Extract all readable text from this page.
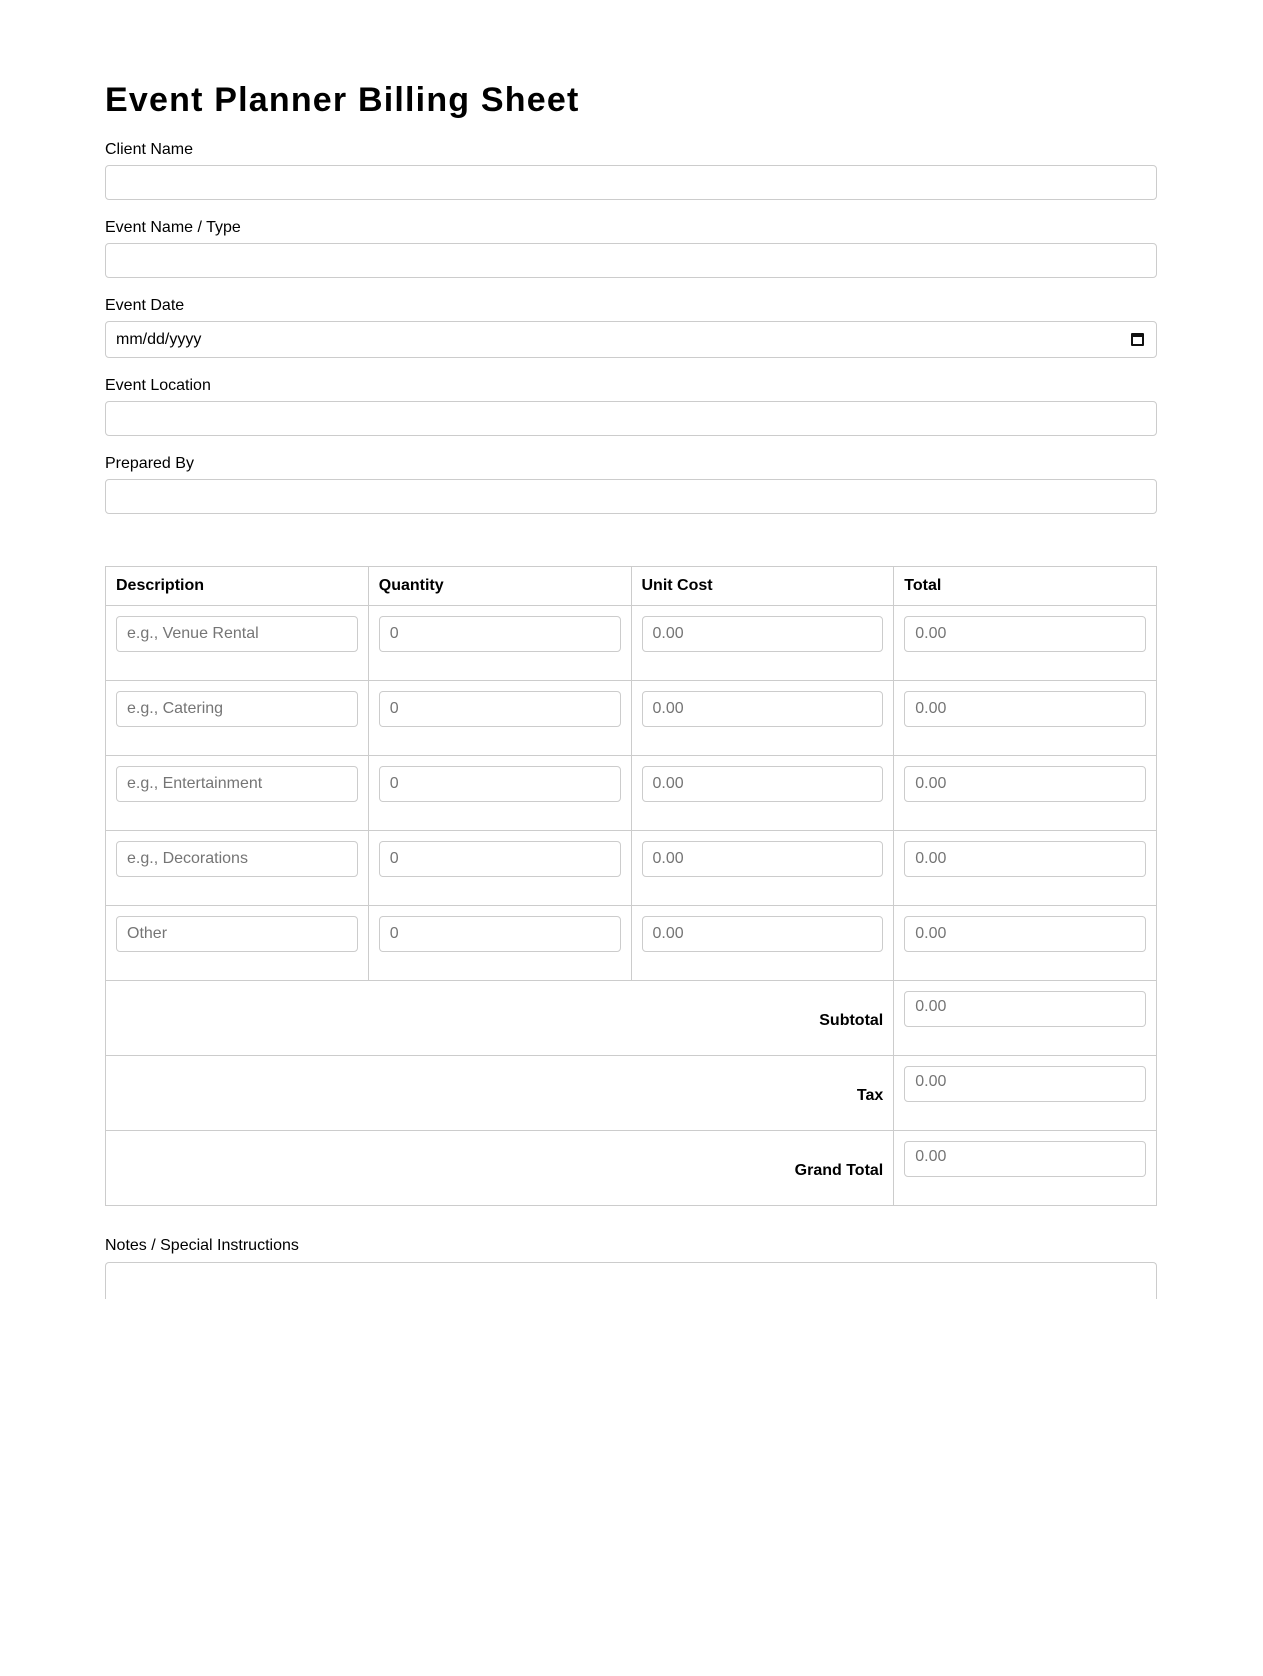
Event Planner Billing Sheet
Client Name
Event Name / Type
Event Date
mm/dd/yyyy
Event Location
Prepared By
Description	Quantity	Unit Cost	Total

e.g., Venue Rental	0	0.00	0.00

e.g., Catering	0	0.00	0.00

e.g., Entertainment	0	0.00	0.00

e.g., Decorations	0	0.00	0.00

Other	0	0.00	0.00

Subtotal			0.00

Tax			0.00

Grand Total			0.00
Notes / Special Instructions
